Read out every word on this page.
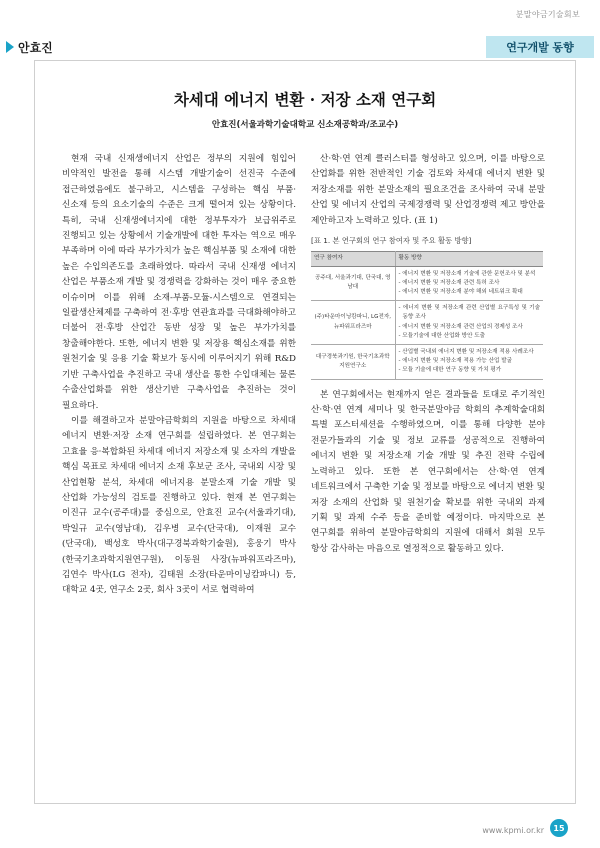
분말야금기술회보
안효진	연구개발 동향
차세대 에너지 변환 · 저장 소재 연구회
안효진(서울과학기술대학교 신소재공학과/조교수)

현재 국내 신재생에너지 산업은 정부의 지원에 힘입어 비약적인 발전을 통해 시스템 개발기술이 선진국 수준에 접근하였음에도 불구하고, 시스템을 구성하는 핵심 부품·신소재 등의 요소기술의 수준은 크게 떨어져 있는 상황이다. 특히, 국내 신재생에너지에 대한 정부투자가 보급위주로 진행되고 있는 상황에서 기술개발에 대한 투자는 역으로 매우 부족하며 이에 따라 부가가치가 높은 핵심부품 및 소재에 대한 높은 수입의존도를 초래하였다. 따라서 국내 신재생 에너지 산업은 부품소재 개발 및 경쟁력을 강화하는 것이 매우 중요한 이슈이며 이를 위해 소재-부품-모듈-시스템으로 연결되는 일괄생산체제를 구축하여 전·후방 연관효과를 극대화해야하고 더불어 전·후방 산업간 동반 성장 및 높은 부가가치를 창출해야한다. 또한, 에너지 변환 및 저장용 핵심소재를 위한 원천기술 및 응용 기술 확보가 동시에 이루어지기 위해 R&D 기반 구축사업을 추진하고 국내 생산을 통한 수입대체는 물론 수출산업화를 위한 생산기반 구축사업을 추진하는 것이 필요하다.

이를 해결하고자 분말야금학회의 지원을 바탕으로 차세대 에너지 변환·저장 소재 연구회를 설립하였다. 본 연구회는 고효율 응·복합화된 차세대 에너지 저장소재 및 소자의 개발을 핵심 목표로 차세대 에너지 소재 후보군 조사, 국내외 시장 및 산업현황 분석, 차세대 에너지용 분말소재 기술 개발 및 산업화 가능성의 검토를 진행하고 있다. 현재 본 연구회는 이진규 교수(공주대)를 중심으로, 안효진 교수(서울과기대), 박일규 교수(영남대), 김우병 교수(단국대), 이재원 교수(단국대), 백성호 박사(대구경북과학기술원), 홍웅기 박사(한국기초과학지원연구원), 이동원 사장(뉴파워프라즈마), 김연수 박사(LG 전자), 김태원 소장(타운마이닝캄파니) 등, 대학교 4곳, 연구소 2곳, 회사 3곳이 서로 협력하여

산·학·연 연계 클러스터를 형성하고 있으며, 이를 바탕으로 산업화를 위한 전반적인 기술 검토와 차세대 에너지 변환 및 저장소재를 위한 분말소재의 필요조건을 조사하여 국내 분말 산업 및 에너지 산업의 국제경쟁력 및 산업경쟁력 제고 방안을 제안하고자 노력하고 있다. (표 1)

[표 1. 본 연구회의 연구 참여자 및 주요 활동 방향]
연구 참여자	활동 방향
공주대, 서울과기대, 단국대, 영남대	- 에너지 변환 및 저장소재 기술에 관한 문헌조사 및 분석
- 에너지 변환 및 저장소재 관련 특허 조사
- 에너지 변환 및 저장소재 분야 해외 네트워크 확대

(주)타운마이닝캄파니, LG전자, 뉴파워프라즈마	- 에너지 변환 및 저장소재 관련 산업별 요구특성 및 기술 동향 조사
- 에너지 변환 및 저장소재 관련 산업의 경제성 조사
- 모듈기술에 대한 산업화 방안 도출

대구경북과기원, 한국기초과학지원연구소	- 산업별 국내외 에너지 변환 및 저장소재 적용 사례조사
- 에너지 변환 및 저장소재 적용 가능 산업 발굴
- 모듈 기술에 대한 연구 동향 및 가치 평가

본 연구회에서는 현재까지 얻은 결과들을 토대로 주기적인 산·학·연 연계 세미나 및 한국분말야금 학회의 추계학술대회 특별 포스터세션을 수행하였으며, 이를 통해 다양한 분야 전문가들과의 기술 및 정보 교류를 성공적으로 진행하여 에너지 변환 및 저장소재 기술 개발 및 추진 전략 수립에 노력하고 있다. 또한 본 연구회에서는 산·학·연 연계 네트워크에서 구축한 기술 및 정보를 바탕으로 에너지 변환 및 저장 소재의 산업화 및 원천기술 확보를 위한 국내외 과제 기획 및 과제 수주 등을 준비할 예정이다. 마지막으로 본 연구회를 위하여 분말야금학회의 지원에 대해서 회원 모두 항상 감사하는 마음으로 열정적으로 활동하고 있다.

www.kpmi.or.kr	15
